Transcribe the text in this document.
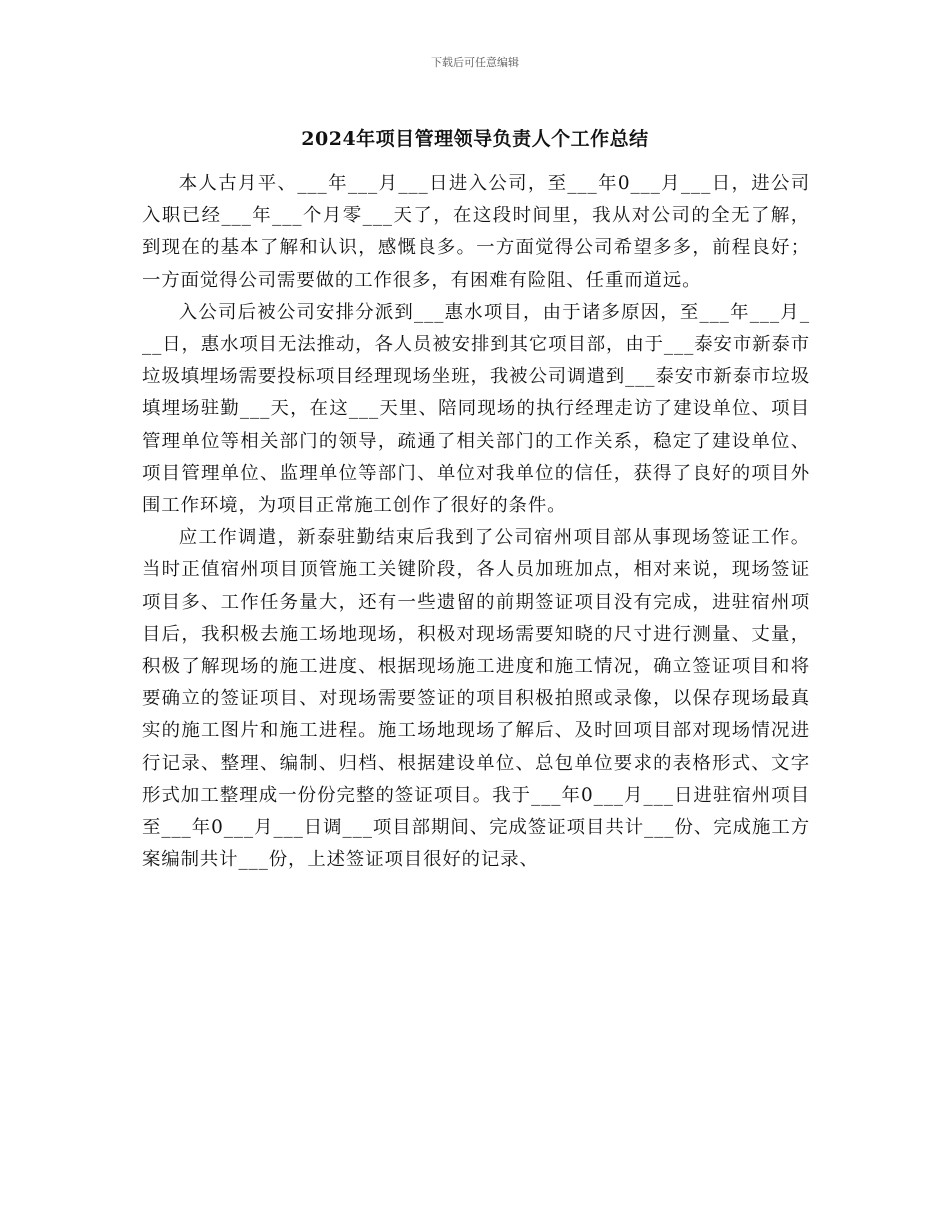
下载后可任意编辑
2024年项目管理领导负责人个工作总结

本人古月平、___年___月___日进入公司，至___年0___月___日，进公司入职已经___年___个月零___天了，在这段时间里，我从对公司的全无了解，到现在的基本了解和认识，感慨良多。一方面觉得公司希望多多，前程良好；一方面觉得公司需要做的工作很多，有困难有险阻、任重而道远。

入公司后被公司安排分派到___惠水项目，由于诸多原因，至___年___月___日，惠水项目无法推动，各人员被安排到其它项目部，由于___泰安市新泰市垃圾填埋场需要投标项目经理现场坐班，我被公司调遣到___泰安市新泰市垃圾填埋场驻勤___天，在这___天里、陪同现场的执行经理走访了建设单位、项目管理单位等相关部门的领导，疏通了相关部门的工作关系，稳定了建设单位、项目管理单位、监理单位等部门、单位对我单位的信任，获得了良好的项目外围工作环境，为项目正常施工创作了很好的条件。

应工作调遣，新泰驻勤结束后我到了公司宿州项目部从事现场签证工作。当时正值宿州项目顶管施工关键阶段，各人员加班加点，相对来说，现场签证项目多、工作任务量大，还有一些遗留的前期签证项目没有完成，进驻宿州项目后，我积极去施工场地现场，积极对现场需要知晓的尺寸进行测量、丈量，积极了解现场的施工进度、根据现场施工进度和施工情况，确立签证项目和将要确立的签证项目、对现场需要签证的项目积极拍照或录像，以保存现场最真实的施工图片和施工进程。施工场地现场了解后、及时回项目部对现场情况进行记录、整理、编制、归档、根据建设单位、总包单位要求的表格形式、文字形式加工整理成一份份完整的签证项目。我于___年0___月___日进驻宿州项目至___年0___月___日调___项目部期间、完成签证项目共计___份、完成施工方案编制共计___份，上述签证项目很好的记录、
